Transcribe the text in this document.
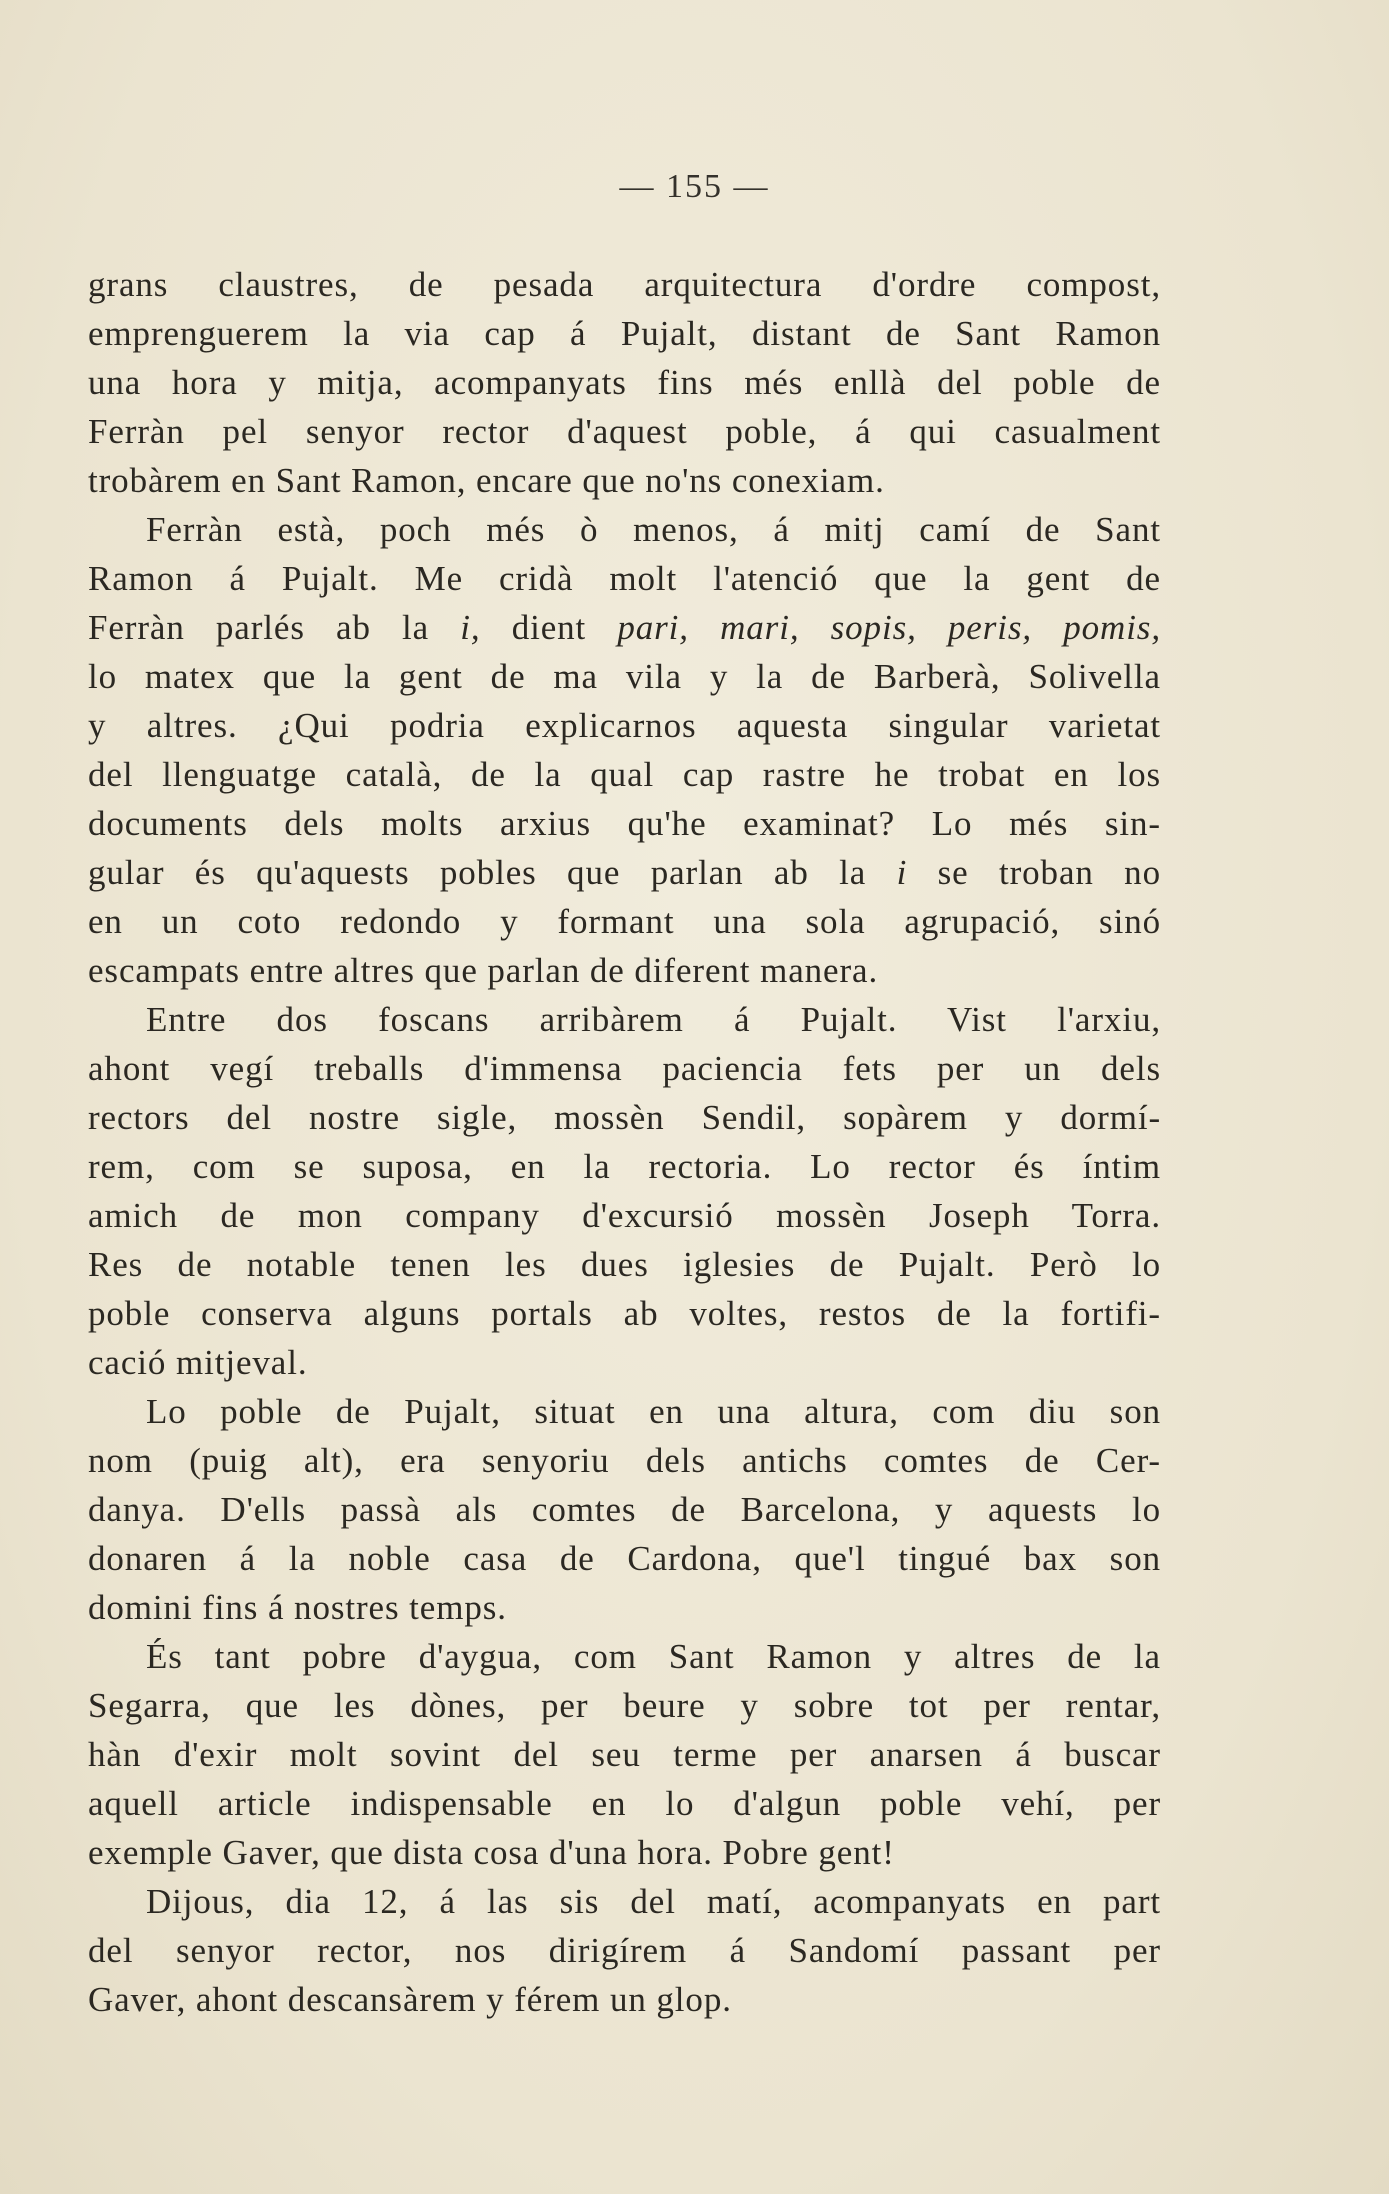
— 155 —
grans claustres, de pesada arquitectura d'ordre compost,
emprenguerem la via cap á Pujalt, distant de Sant Ramon
una hora y mitja, acompanyats fins més enllà del poble de
Ferràn pel senyor rector d'aquest poble, á qui casualment
trobàrem en Sant Ramon, encare que no'ns conexiam.
Ferràn està, poch més ò menos, á mitj camí de Sant
Ramon á Pujalt. Me cridà molt l'atenció que la gent de
Ferràn parlés ab la i, dient pari, mari, sopis, peris, pomis,
lo matex que la gent de ma vila y la de Barberà, Solivella
y altres. ¿Qui podria explicarnos aquesta singular varietat
del llenguatge català, de la qual cap rastre he trobat en los
documents dels molts arxius qu'he examinat? Lo més sin-
gular és qu'aquests pobles que parlan ab la i se troban no
en un coto redondo y formant una sola agrupació, sinó
escampats entre altres que parlan de diferent manera.
Entre dos foscans arribàrem á Pujalt. Vist l'arxiu,
ahont vegí treballs d'immensa paciencia fets per un dels
rectors del nostre sigle, mossèn Sendil, sopàrem y dormí-
rem, com se suposa, en la rectoria. Lo rector és íntim
amich de mon company d'excursió mossèn Joseph Torra.
Res de notable tenen les dues iglesies de Pujalt. Però lo
poble conserva alguns portals ab voltes, restos de la fortifi-
cació mitjeval.
Lo poble de Pujalt, situat en una altura, com diu son
nom (puig alt), era senyoriu dels antichs comtes de Cer-
danya. D'ells passà als comtes de Barcelona, y aquests lo
donaren á la noble casa de Cardona, que'l tingué bax son
domini fins á nostres temps.
És tant pobre d'aygua, com Sant Ramon y altres de la
Segarra, que les dònes, per beure y sobre tot per rentar,
hàn d'exir molt sovint del seu terme per anarsen á buscar
aquell article indispensable en lo d'algun poble vehí, per
exemple Gaver, que dista cosa d'una hora. Pobre gent!
Dijous, dia 12, á las sis del matí, acompanyats en part
del senyor rector, nos dirigírem á Sandomí passant per
Gaver, ahont descansàrem y férem un glop.
